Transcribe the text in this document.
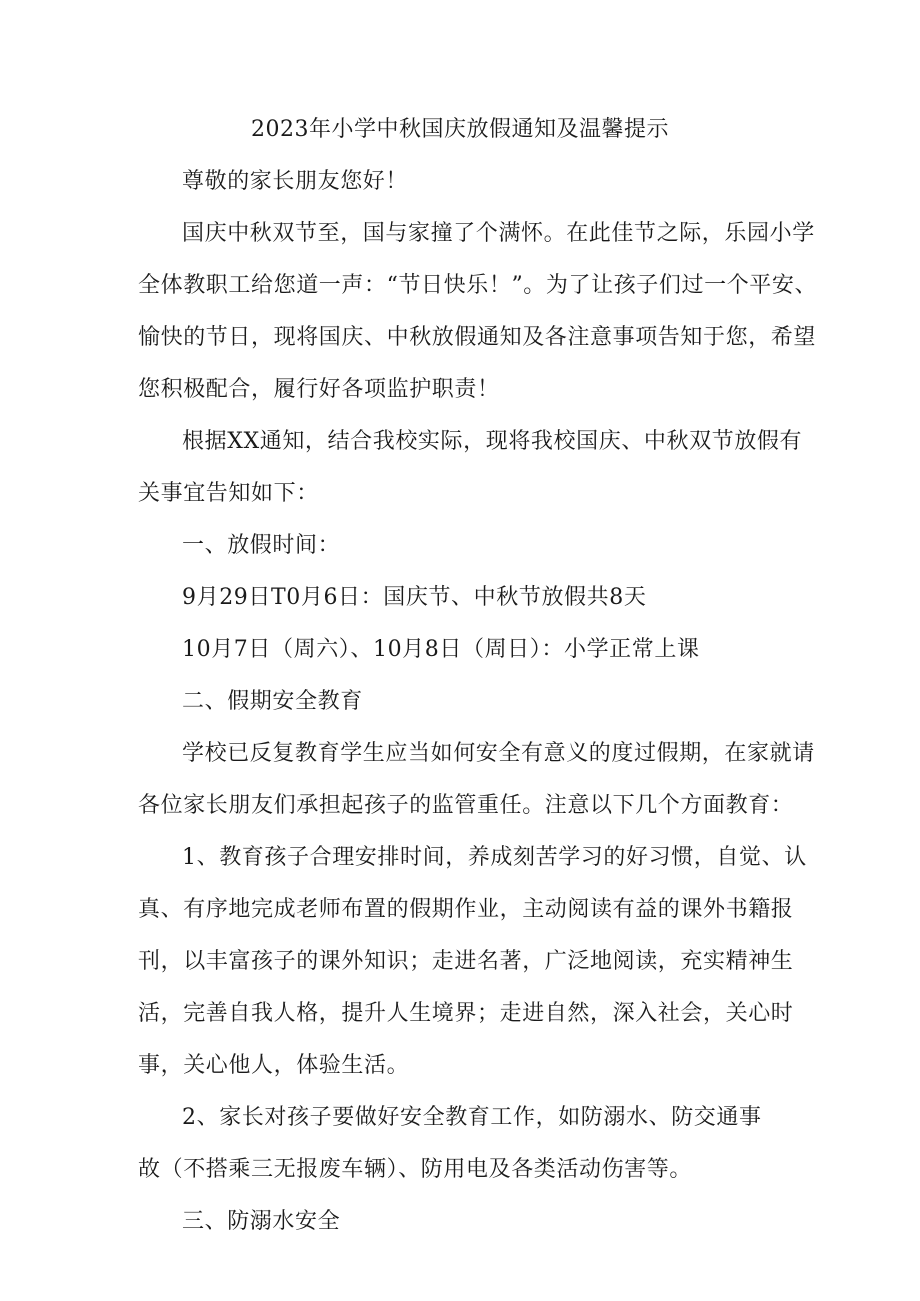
2023年小学中秋国庆放假通知及温馨提示
尊敬的家长朋友您好！
国庆中秋双节至，国与家撞了个满怀。在此佳节之际，乐园小学
全体教职工给您道一声：“节日快乐！”。为了让孩子们过一个平安、
愉快的节日，现将国庆、中秋放假通知及各注意事项告知于您，希望
您积极配合，履行好各项监护职责！
根据XX通知，结合我校实际，现将我校国庆、中秋双节放假有
关事宜告知如下：
一、放假时间：
9月29日T0月6日：国庆节、中秋节放假共8天
10月7日（周六）、10月8日（周日）：小学正常上课
二、假期安全教育
学校已反复教育学生应当如何安全有意义的度过假期，在家就请
各位家长朋友们承担起孩子的监管重任。注意以下几个方面教育：
1、教育孩子合理安排时间，养成刻苦学习的好习惯，自觉、认
真、有序地完成老师布置的假期作业，主动阅读有益的课外书籍报
刊，以丰富孩子的课外知识；走进名著，广泛地阅读，充实精神生
活，完善自我人格，提升人生境界；走进自然，深入社会，关心时
事，关心他人，体验生活。
2、家长对孩子要做好安全教育工作，如防溺水、防交通事
故（不搭乘三无报废车辆）、防用电及各类活动伤害等。
三、防溺水安全
